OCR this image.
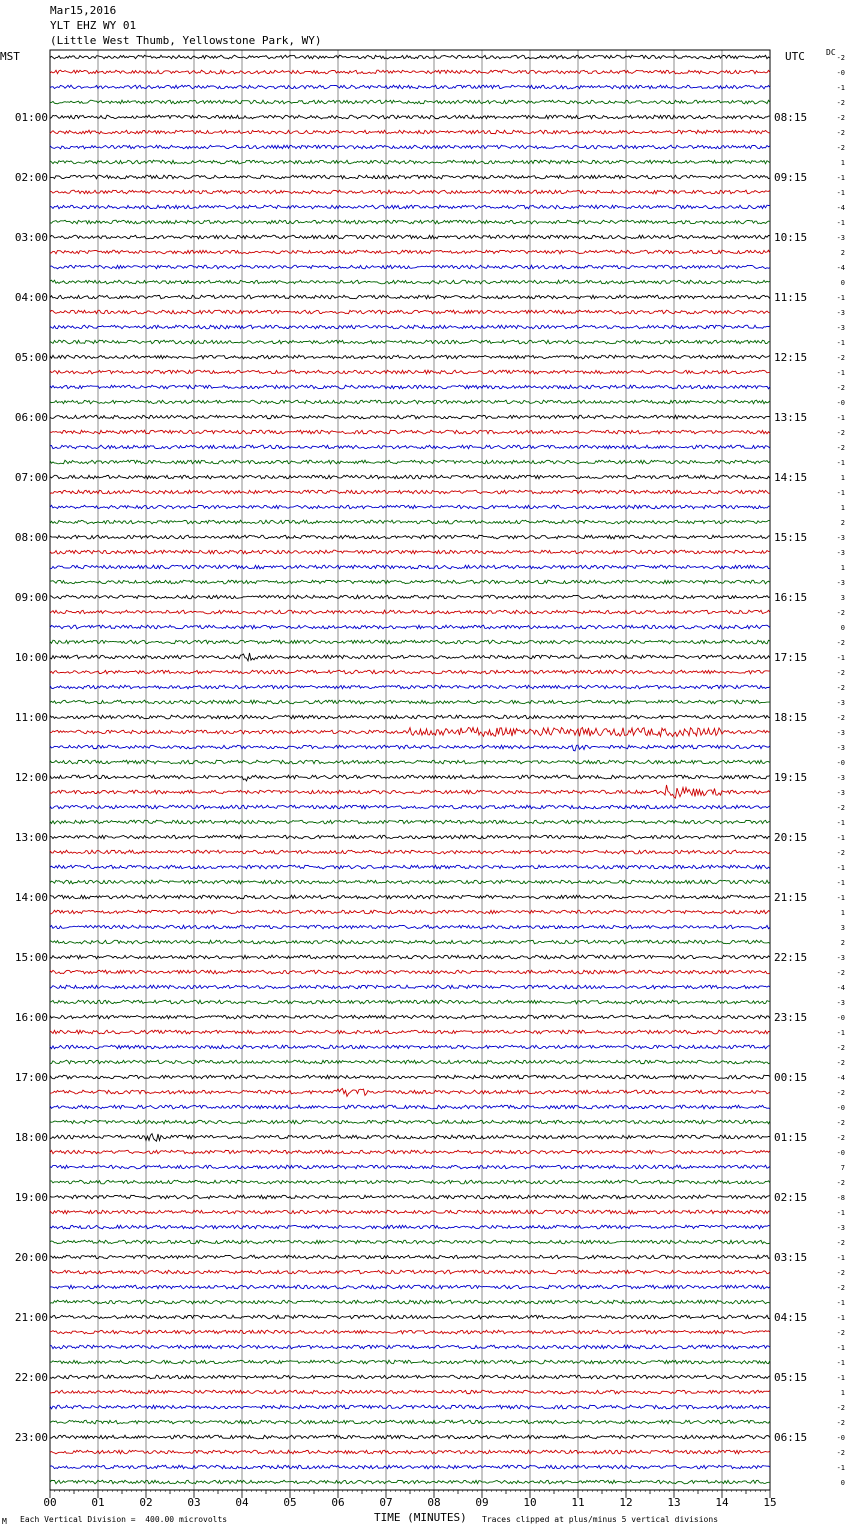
Mar15,2016
YLT EHZ WY 01
(Little West Thumb, Yellowstone Park, WY)
MST	UTC	DC
01:00
02:00
03:00
04:00
05:00
06:00
07:00
08:00
09:00
10:00
11:00
12:00
13:00
14:00
15:00
16:00
17:00
18:00
19:00
20:00
21:00
22:00
23:00
08:15
09:15
10:15
11:15
12:15
13:15
14:15
15:15
16:15
17:15
18:15
19:15
20:15
21:15
22:15
23:15
00:15
01:15
02:15
03:15
04:15
05:15
06:15
-2
-0
-1
-2
-2
-2
-2
1
-1
-1
-4
-1
-3
2
-4
0
-1
-3
-3
-1
-2
-1
-2
-0
-1
-2
-2
-1
1
-1
1
2
-3
-3
1
-3
3
-2
0
-2
-1
-2
-2
-3
-2
-3
-3
-0
-3
-3
-2
-1
-1
-2
-1
-1
-1
1
3
2
-3
-2
-4
-3
-0
-1
-2
-2
-4
-2
-0
-2
-2
-0
7
-2
-8
-1
-3
-2
-1
-2
-2
-1
-1
-2
-1
-1
-1
1
-2
-2
-0
-2
-1
0
00	01	02	03	04	05	06	07	08	09	10	11	12	13	14	15
M Each Vertical Division =  400.00 microvolts	TIME (MINUTES) Traces clipped at plus/minus 5 vertical divisions
